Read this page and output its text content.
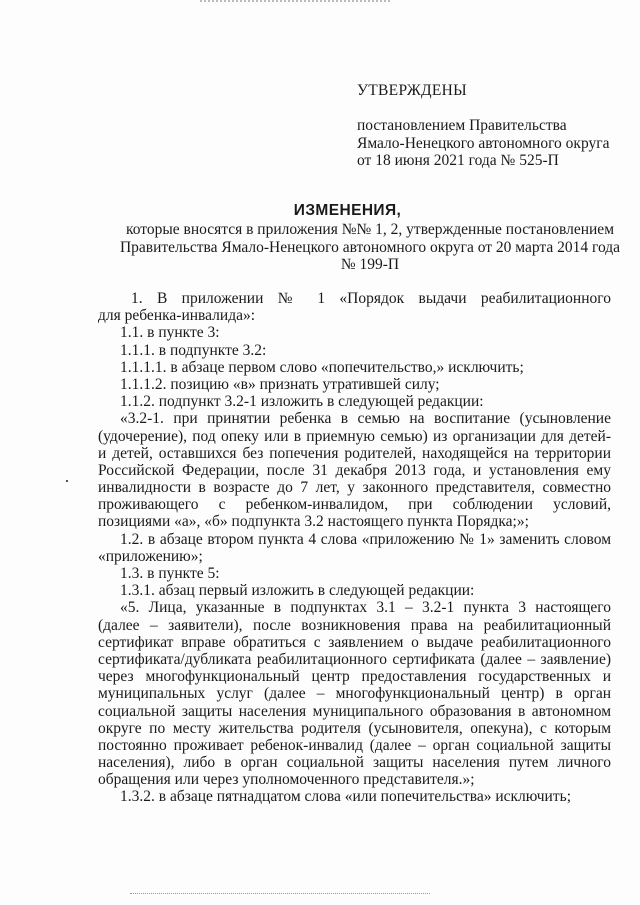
УТВЕРЖДЕНЫ
постановлением Правительства
Ямало-Ненецкого автономного округа
от 18 июня 2021 года № 525-П
ИЗМЕНЕНИЯ,
которые вносятся в приложения №№ 1, 2, утвержденные постановлением
Правительства Ямало-Ненецкого автономного округа от 20 марта 2014 года
№ 199-П
1. В приложении № 1 «Порядок выдачи реабилитационного
для ребенка-инвалида»:
1.1. в пункте 3:
1.1.1. в подпункте 3.2:
1.1.1.1. в абзаце первом слово «попечительство,» исключить;
1.1.1.2. позицию «в» признать утратившей силу;
1.1.2. подпункт 3.2-1 изложить в следующей редакции:
«3.2-1. при принятии ребенка в семью на воспитание (усыновление
(удочерение), под опеку или в приемную семью) из организации для детей-
и детей, оставшихся без попечения родителей, находящейся на территории
Российской Федерации, после 31 декабря 2013 года, и установления ему
инвалидности в возрасте до 7 лет, у законного представителя, совместно
проживающего с ребенком-инвалидом, при соблюдении условий,
позициями «а», «б» подпункта 3.2 настоящего пункта Порядка;»;
1.2. в абзаце втором пункта 4 слова «приложению № 1» заменить словом
«приложению»;
1.3. в пункте 5:
1.3.1. абзац первый изложить в следующей редакции:
«5. Лица, указанные в подпунктах 3.1 – 3.2-1 пункта 3 настоящего
(далее – заявители), после возникновения права на реабилитационный
сертификат вправе обратиться с заявлением о выдаче реабилитационного
сертификата/дубликата реабилитационного сертификата (далее – заявление)
через многофункциональный центр предоставления государственных и
муниципальных услуг (далее – многофункциональный центр) в орган
социальной защиты населения муниципального образования в автономном
округе по месту жительства родителя (усыновителя, опекуна), с которым
постоянно проживает ребенок-инвалид (далее – орган социальной защиты
населения), либо в орган социальной защиты населения путем личного
обращения или через уполномоченного представителя.»;
1.3.2. в абзаце пятнадцатом слова «или попечительства» исключить;
